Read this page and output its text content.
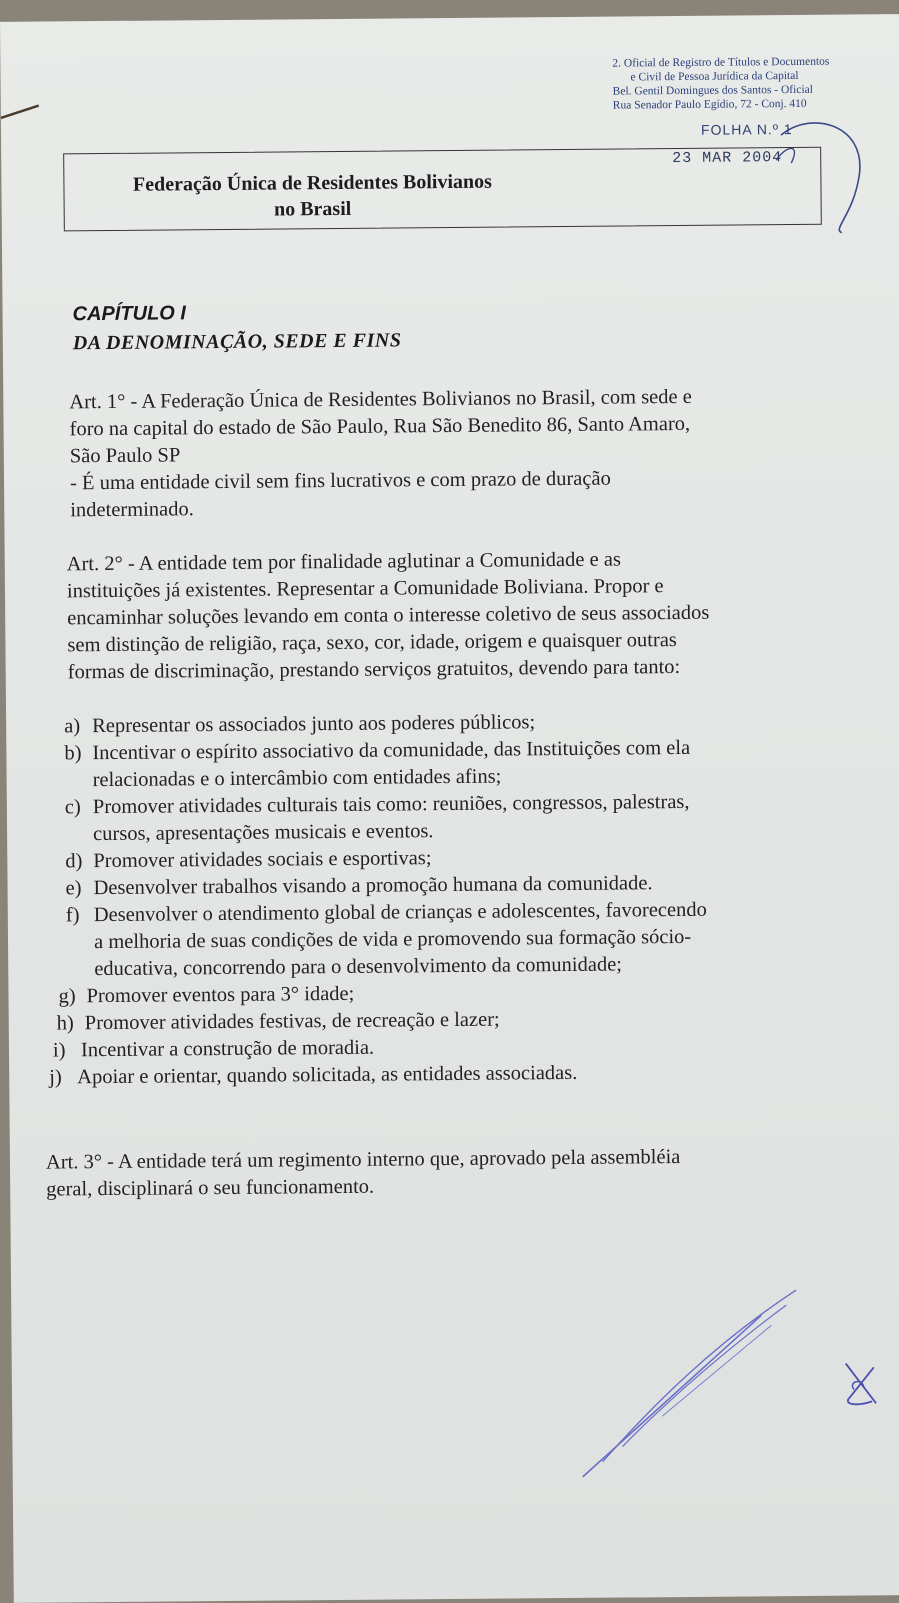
2. Oficial de Registro de Títulos e Documentos
e Civil de Pessoa Jurídica da Capital
Bel. Gentil Domingues dos Santos - Oficial
Rua Senador Paulo Egídio, 72 - Conj. 410
FOLHA N.º 1
23 MAR 2004
Federação Única de Residentes Bolivianos
no Brasil
CAPÍTULO I
DA DENOMINAÇÃO, SEDE E FINS
Art. 1° - A Federação Única de Residentes Bolivianos no Brasil, com sede e
foro na capital do estado de São Paulo, Rua São Benedito 86, Santo Amaro,
São Paulo SP
- É uma entidade civil sem fins lucrativos e com prazo de duração
indeterminado.
Art. 2° - A entidade tem por finalidade aglutinar a Comunidade e as
instituições já existentes. Representar a Comunidade Boliviana. Propor e
encaminhar soluções levando em conta o interesse coletivo de seus associados
sem distinção de religião, raça, sexo, cor, idade, origem e quaisquer outras
formas de discriminação, prestando serviços gratuitos, devendo para tanto:
a) Representar os associados junto aos poderes públicos;
b) Incentivar o espírito associativo da comunidade, das Instituições com ela
relacionadas e o intercâmbio com entidades afins;
c) Promover atividades culturais tais como: reuniões, congressos, palestras,
cursos, apresentações musicais e eventos.
d) Promover atividades sociais e esportivas;
e) Desenvolver trabalhos visando a promoção humana da comunidade.
f) Desenvolver o atendimento global de crianças e adolescentes, favorecendo
a melhoria de suas condições de vida e promovendo sua formação sócio-
educativa, concorrendo para o desenvolvimento da comunidade;
g) Promover eventos para 3° idade;
h) Promover atividades festivas, de recreação e lazer;
i) Incentivar a construção de moradia.
j) Apoiar e orientar, quando solicitada, as entidades associadas.
Art. 3° - A entidade terá um regimento interno que, aprovado pela assembléia
geral, disciplinará o seu funcionamento.
